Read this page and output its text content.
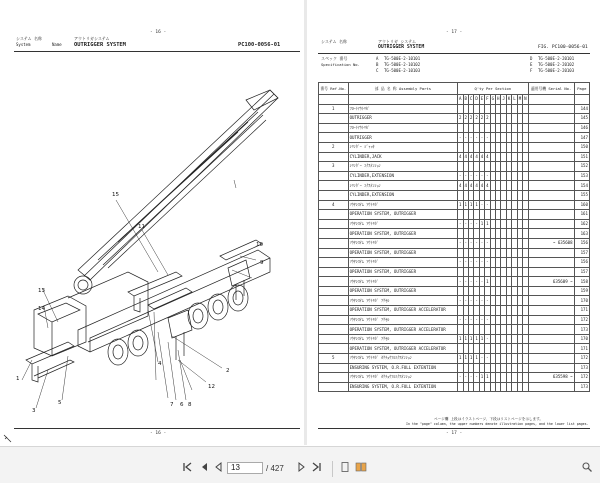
- 16 -
システム 名称
System	Name
アウトリガシステム
OUTRIGGER SYSTEM	PC100-0056-01
- 16 -
1
2
3
4
5	6
7	8
9
10
11
12
13
14
15
- 17 -
システム 名称	アウトリガ システム
OUTRIGGER SYSTEM
スペック 番号
Specification No.
A TG-500E-2-10101
B TG-500E-2-10102
C TG-500E-2-10103
D TG-500E-2-20101
E TG-500E-2-20102
F TG-500E-2-20103
FIG. PC100-0056-01
番号 Ref.No.	部 品 名 称 Assembly Parts	Q'ty Per Section													適用号機 Serial No.	Page
		A	B	C	D	E	F	G	H	J	K	L	M	N		
1	ﾌﾛｰﾄｱｳﾄﾘｶﾞ															144
	OUTRIGGER	2	2	2	2	2	2									145
	ﾌﾛｰﾄｱｳﾄﾘｶﾞ															146
	OUTRIGGER	-	-	-	-	-	-									147
2	ｼﾘﾝﾀﾞｰ ｼﾞｬｯｷ															150
	CYLINDER,JACK	4	4	4	4	4	4									151
3	ｼﾘﾝﾀﾞｰ ｴｸｽﾃﾝｼｮﾝ															152
	CYLINDER,EXTENSION	-	-	-	-	-	-									153
	ｼﾘﾝﾀﾞｰ ｴｸｽﾃﾝｼｮﾝ	4	4	4	4	4	4									154
	CYLINDER,EXTENSION															155
4	ｿｳｻｼｽﾃﾑ ｱｳﾄﾘｶﾞ	1	1	1	1	-	-									160
	OPERATION SYSTEM, OUTRIGGER															161
	ｿｳｻｼｽﾃﾑ ｱｳﾄﾘｶﾞ	-	-	-	-	1	1									162
	OPERATION SYSTEM, OUTRIGGER															163
	ｿｳｻｼｽﾃﾑ ｱｳﾄﾘｶﾞ	-	-	-	-	-	-								~ 635608	156
	OPERATION SYSTEM, OUTRIGGER															157
	ｿｳｻｼｽﾃﾑ ｱｳﾄﾘｶﾞ	-	-	-	-	-	-									156
	OPERATION SYSTEM, OUTRIGGER															157
	ｿｳｻｼｽﾃﾑ ｱｳﾄﾘｶﾞ	-	-	-	-	-	1								635609 ~	158
	OPERATION SYSTEM, OUTRIGGER															159
	ｿｳｻｼｽﾃﾑ ｱｳﾄﾘｶﾞ ｱｸｾﾙ	-	-	-	-	-	-									170
	OPERATION SYSTEM, OUTRIGGER ACCELERATOR															171
	ｿｳｻｼｽﾃﾑ ｱｳﾄﾘｶﾞ ｱｸｾﾙ	-	-	-	-	-	-									172
	OPERATION SYSTEM, OUTRIGGER ACCELERATOR															173
	ｿｳｻｼｽﾃﾑ ｱｳﾄﾘｶﾞ ｱｸｾﾙ	1	1	1	1	1	-									170
	OPERATION SYSTEM, OUTRIGGER ACCELERATOR															171
5	ｿｳｻｼｽﾃﾑ ｱｳﾄﾘｶﾞ ｶｸﾁｮｳﾌﾙｴｸｽﾃﾝｼｮﾝ	1	1	1	1	-	-									172
	ENSURING SYSTEM, O.R.FULL EXTENTION															173
	ｿｳｻｼｽﾃﾑ ｱｳﾄﾘｶﾞ ｶｸﾁｮｳﾌﾙｴｸｽﾃﾝｼｮﾝ	-	-	-	-	1	1								635598 ~	172
	ENSURING SYSTEM, O.R.FULL EXTENTION															173
ページ欄 上段はイラストページ、下段はリストページを示します。
In the "page" column, the upper numbers denote illustration pages, and the lower list pages.
- 17 -
13	/ 427
